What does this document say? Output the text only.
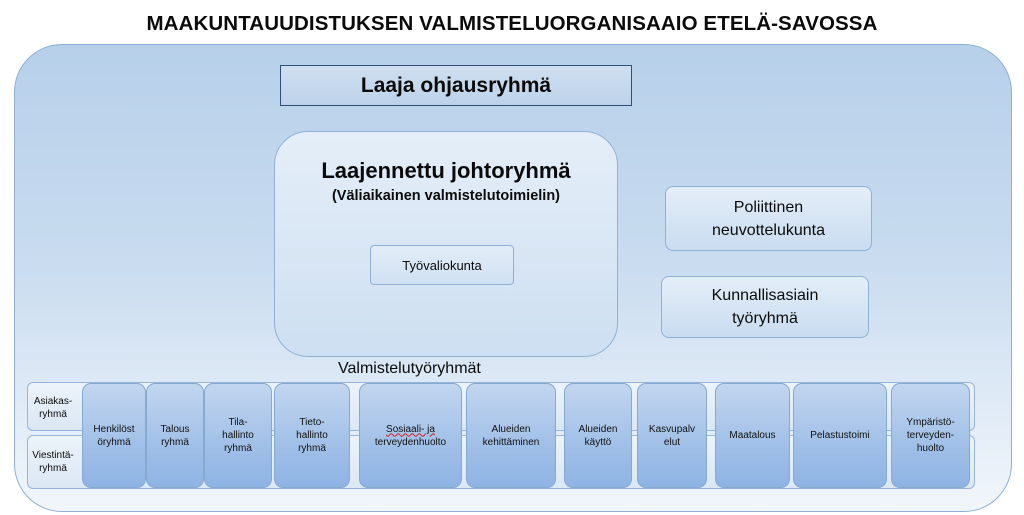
MAAKUNTAUUDISTUKSEN VALMISTELUORGANISAAIO ETELÄ-SAVOSSA
Laaja ohjausryhmä
Laajennettu johtoryhmä
(Väliaikainen valmistelutoimielin)
Työvaliokunta
Poliittinen
neuvottelukunta
Kunnallisasiain
työryhmä
Valmistelutyöryhmät
Asiakas-
ryhmä
Viestintä-
ryhmä
Henkilöst
öryhmä
Talous
ryhmä
Tila-
hallinto
ryhmä
Tieto-
hallinto
ryhmä
Sosiaali- ja
terveydenhuolto
Alueiden
kehittäminen
Alueiden
käyttö
Kasvupalv
elut
Maatalous	Pelastustoimi
Ympäristö-
terveyden-
huolto
